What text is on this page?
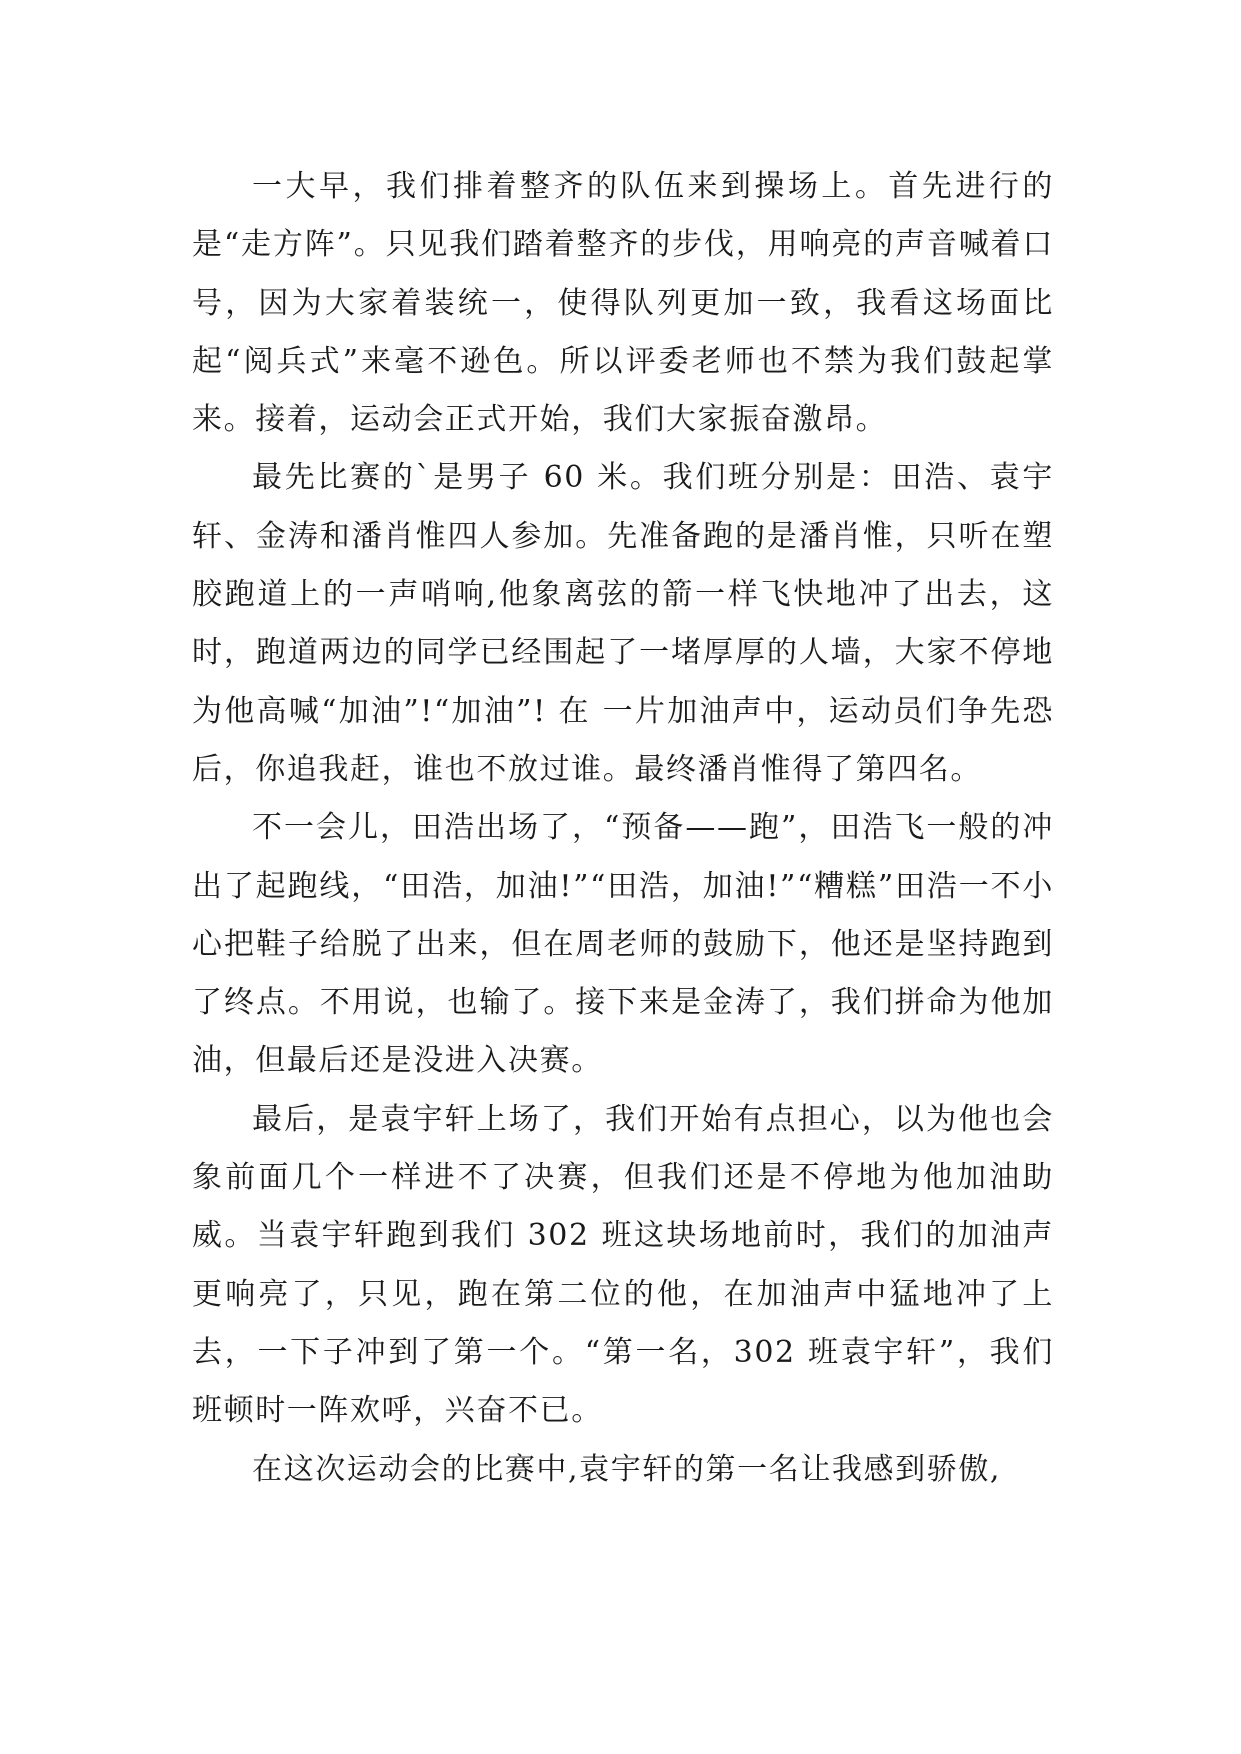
一大早，我们排着整齐的队伍来到操场上。首先进行的是“走方阵”。只见我们踏着整齐的步伐，用响亮的声音喊着口号，因为大家着装统一，使得队列更加一致，我看这场面比起“阅兵式”来毫不逊色。所以评委老师也不禁为我们鼓起掌来。接着，运动会正式开始，我们大家振奋激昂。

最先比赛的`是男子 60 米。我们班分别是：田浩、袁宇轩、金涛和潘肖惟四人参加。先准备跑的是潘肖惟，只听在塑胶跑道上的一声哨响,他象离弦的箭一样飞快地冲了出去，这时，跑道两边的同学已经围起了一堵厚厚的人墙，大家不停地为他高喊“加油”!“加油”! 在 一片加油声中，运动员们争先恐后，你追我赶，谁也不放过谁。最终潘肖惟得了第四名。

不一会儿，田浩出场了，“预备——跑”，田浩飞一般的冲出了起跑线，“田浩，加油!”“田浩，加油!”“糟糕”田浩一不小心把鞋子给脱了出来，但在周老师的鼓励下，他还是坚持跑到了终点。不用说，也输了。接下来是金涛了，我们拼命为他加油，但最后还是没进入决赛。

最后，是袁宇轩上场了，我们开始有点担心，以为他也会象前面几个一样进不了决赛，但我们还是不停地为他加油助威。当袁宇轩跑到我们 302 班这块场地前时，我们的加油声更响亮了，只见，跑在第二位的他，在加油声中猛地冲了上去，一下子冲到了第一个。“第一名，302 班袁宇轩”，我们班顿时一阵欢呼，兴奋不已。

在这次运动会的比赛中,袁宇轩的第一名让我感到骄傲,
